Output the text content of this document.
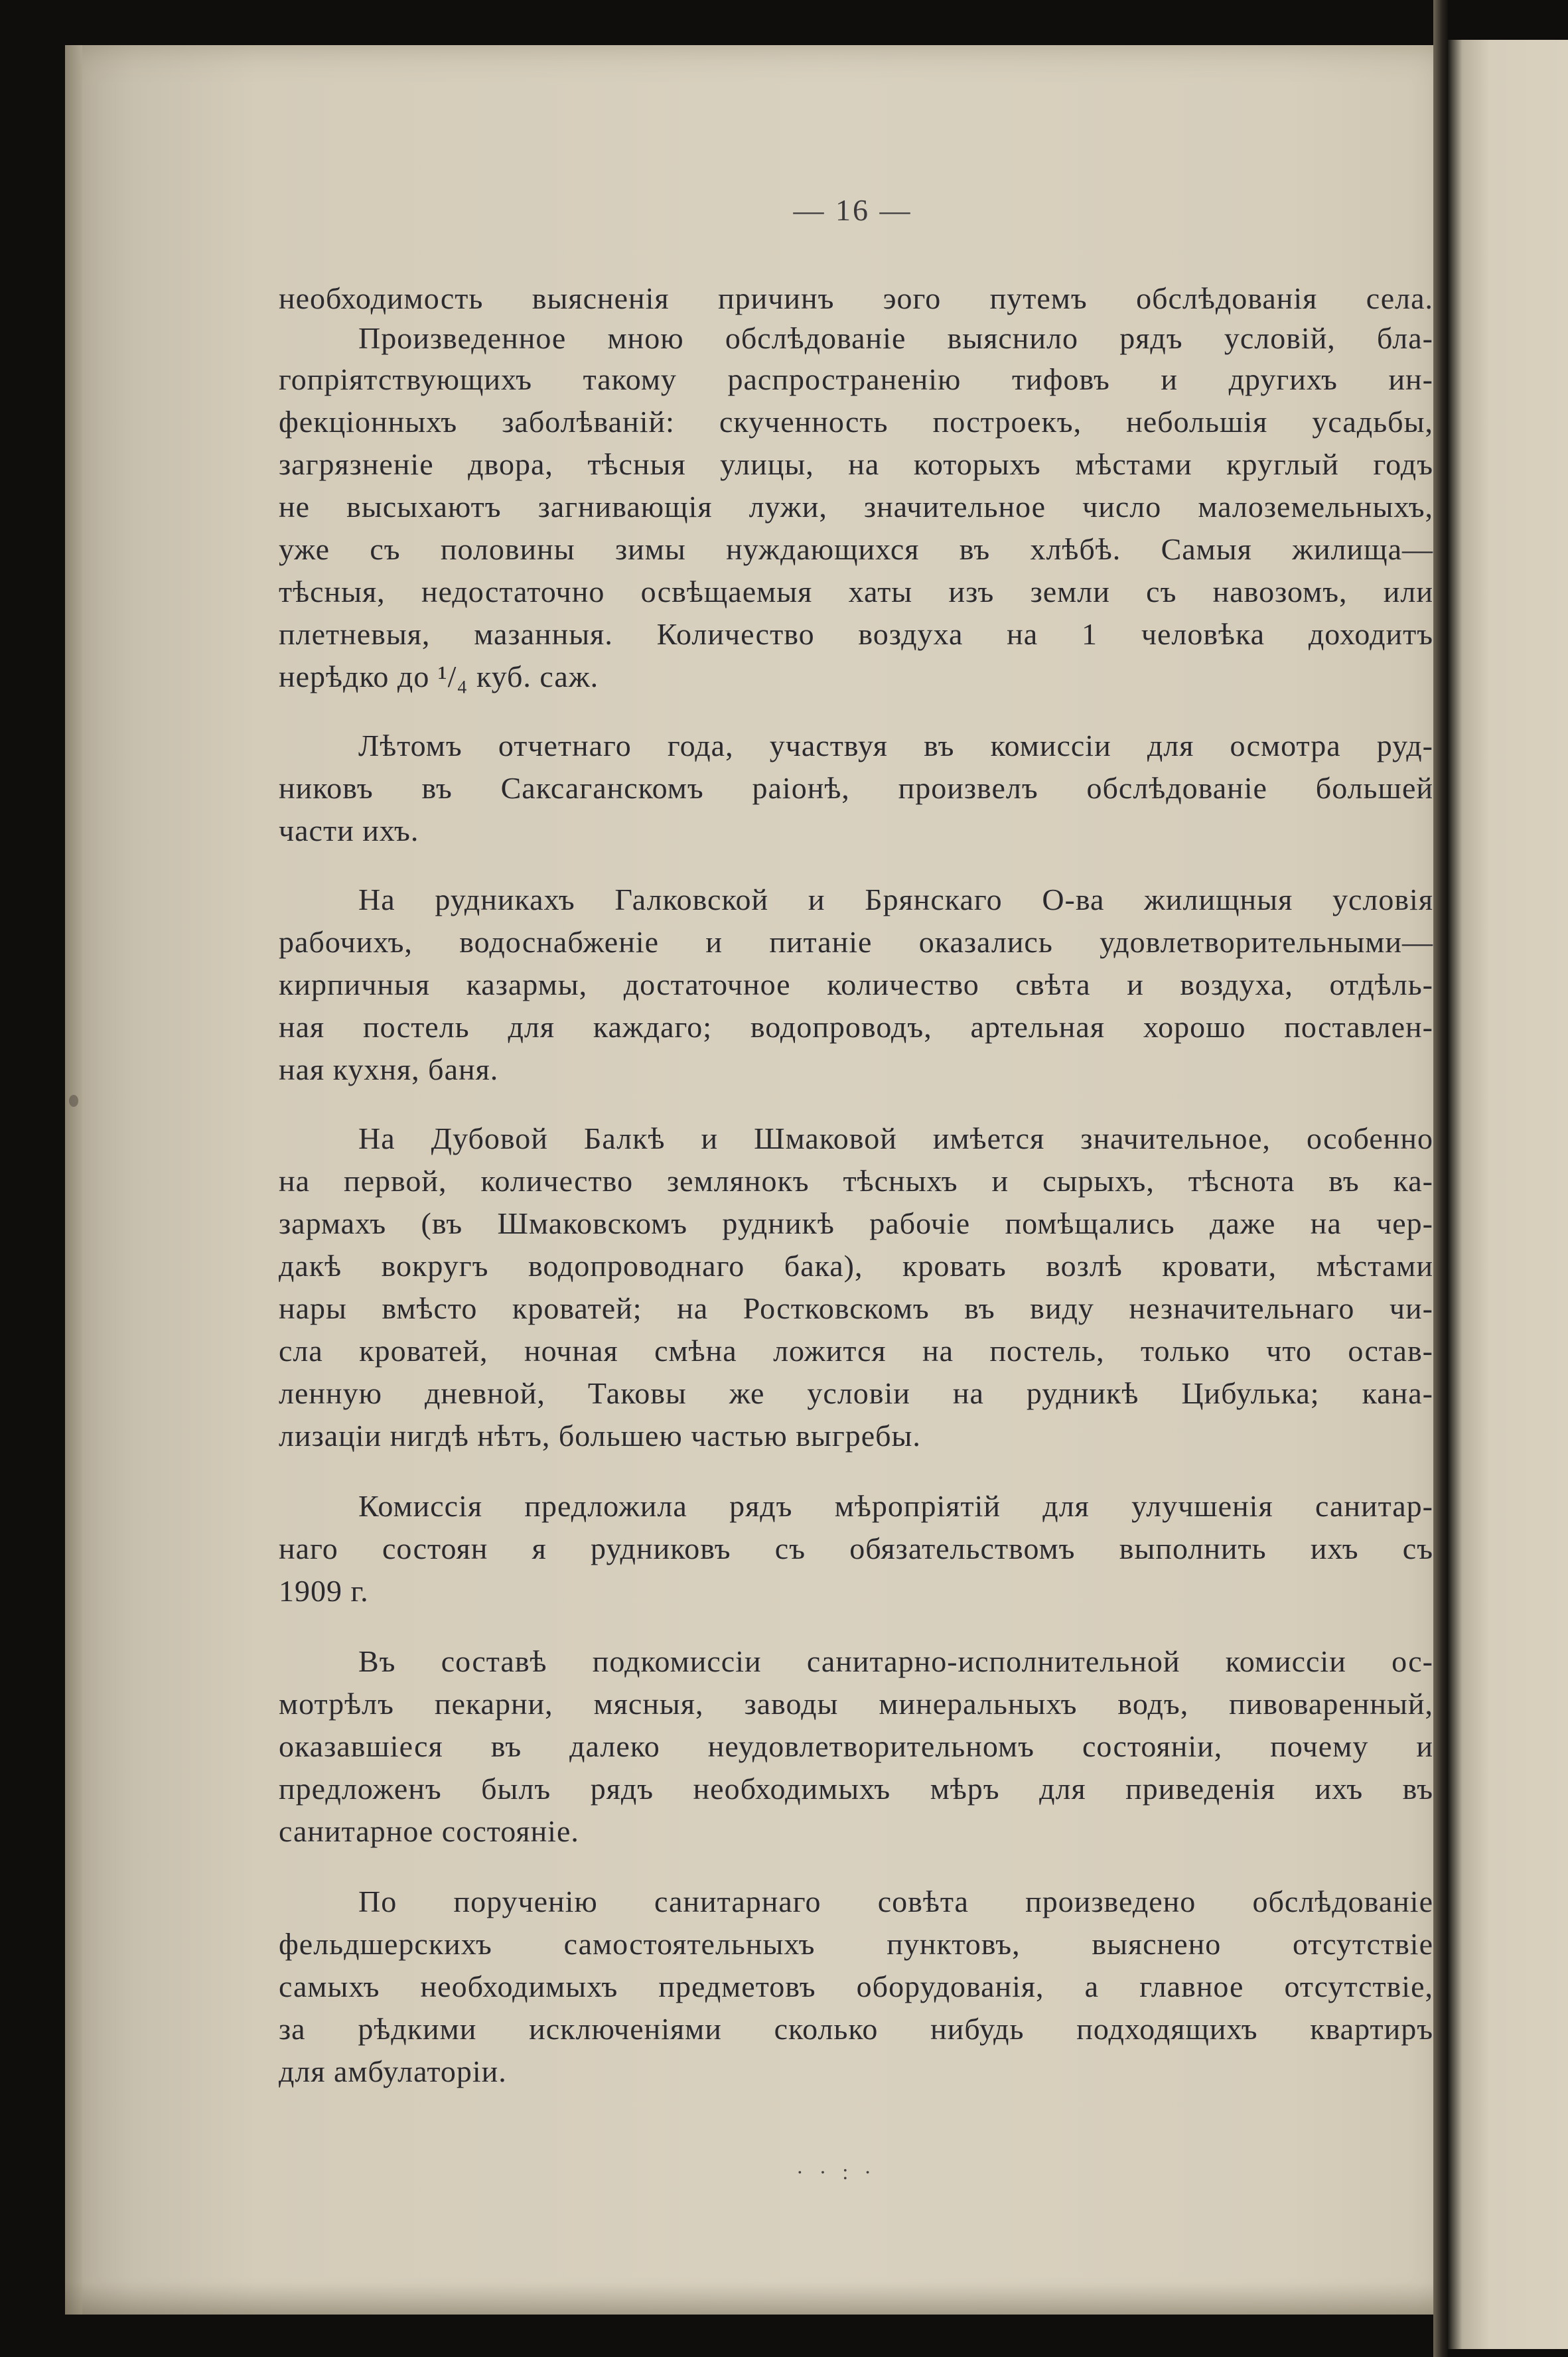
— 16 —
необходимость выясненія причинъ эого путемъ обслѣдованія села.
Произведенное мною обслѣдованіе выяснило рядъ условій, бла-
гопріятствующихъ такому распространенію тифовъ и другихъ ин-
фекціонныхъ заболѣваній: скученность построекъ, небольшія усадьбы,
загрязненіе двора, тѣсныя улицы, на которыхъ мѣстами круглый годъ
не высыхаютъ загнивающія лужи, значительное число малоземельныхъ,
уже съ половины зимы нуждающихся въ хлѣбѣ. Самыя жилища—
тѣсныя, недостаточно освѣщаемыя хаты изъ земли съ навозомъ, или
плетневыя, мазанныя. Количество воздуха на 1 человѣка доходитъ
нерѣдко до ¹/₄ куб. саж.
Лѣтомъ отчетнаго года, участвуя въ комиссіи для осмотра руд-
никовъ въ Саксаганскомъ раіонѣ, произвелъ обслѣдованіе большей
части ихъ.
На рудникахъ Галковской и Брянскаго О-ва жилищныя условія
рабочихъ, водоснабженіе и питаніе оказались удовлетворительными—
кирпичныя казармы, достаточное количество свѣта и воздуха, отдѣль-
ная постель для каждаго; водопроводъ, артельная хорошо поставлен-
ная кухня, баня.
На Дубовой Балкѣ и Шмаковой имѣется значительное, особенно
на первой, количество землянокъ тѣсныхъ и сырыхъ, тѣснота въ ка-
зармахъ (въ Шмаковскомъ рудникѣ рабочіе помѣщались даже на чер-
дакѣ вокругъ водопроводнаго бака), кровать возлѣ кровати, мѣстами
нары вмѣсто кроватей; на Ростковскомъ въ виду незначительнаго чи-
сла кроватей, ночная смѣна ложится на постель, только что остав-
ленную дневной, Таковы же условіи на рудникѣ Цибулька; кана-
лизаціи нигдѣ нѣтъ, большею частью выгребы.
Комиссія предложила рядъ мѣропріятій для улучшенія санитар-
наго состоян я рудниковъ съ обязательствомъ выполнить ихъ съ
1909 г.
Въ составѣ подкомиссіи санитарно-исполнительной комиссіи ос-
мотрѣлъ пекарни, мясныя, заводы минеральныхъ водъ, пивоваренный,
оказавшіеся въ далеко неудовлетворительномъ состояніи, почему и
предложенъ былъ рядъ необходимыхъ мѣръ для приведенія ихъ въ
санитарное состояніе.
По порученію санитарнаго совѣта произведено обслѣдованіе
фельдшерскихъ самостоятельныхъ пунктовъ, выяснено отсутствіе
самыхъ необходимыхъ предметовъ оборудованія, а главное отсутствіе,
за рѣдкими исключеніями сколько нибудь подходящихъ квартиръ
для амбулаторіи.
· · : ·
